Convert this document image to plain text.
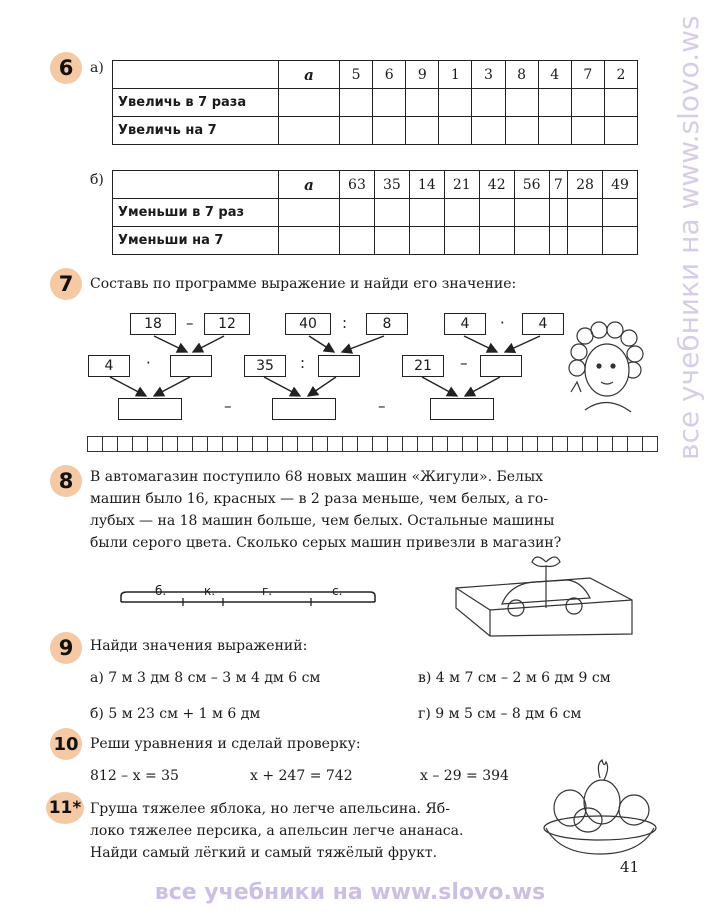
6	а)
		a	5	6	9	1	3	8	4	7	2
Увеличь в 7 раза										
Увеличь на 7										
б)
		a	63	35	14	21	42	56	7	28	49
Уменьши в 7 раз										
Уменьши на 7										
7	Составь по программе выражение и найди его значение:
18	–	12
4	·
40	:	8
35	:
4	·	4
21	–
–	–
8	В автомагазин поступило 68 новых машин «Жигули». Белых
машин было 16, красных — в 2 раза меньше, чем белых, а го-
лубых — на 18 машин больше, чем белых. Остальные машины
были серого цвета. Сколько серых машин привезли в магазин?
б.	к.	г.	с.
9	Найди значения выражений:
а) 7 м 3 дм 8 см – 3 м 4 дм 6 см	в) 4 м 7 см – 2 м 6 дм 9 см
б) 5 м 23 см + 1 м 6 дм	г) 9 м 5 см – 8 дм 6 см
10 Реши уравнения и сделай проверку:
812 – x = 35	x + 247 = 742	x – 29 = 394
11* Груша тяжелее яблока, но легче апельсина. Яб-
локо тяжелее персика, а апельсин легче ананаса.
Найди самый лёгкий и самый тяжёлый фрукт.
41
все учебники на www.slovo.ws
все учебники на www.slovo.ws
